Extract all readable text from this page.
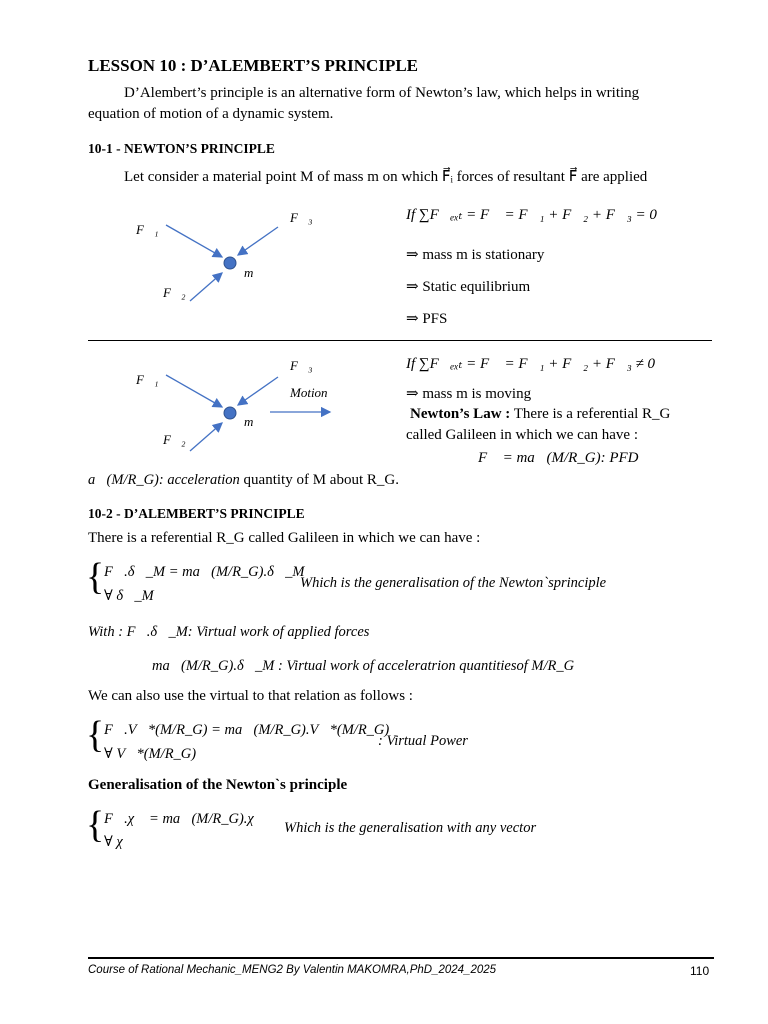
LESSON 10 : D’ALEMBERT’S PRINCIPLE
D’Alembert’s principle is an alternative form of Newton’s law, which helps in writing
equation of motion of a dynamic system.
10-1 - NEWTON’S PRINCIPLE
Let consider a material point M of mass m on which F⃗ᵢ forces of resultant F⃗ are applied
F⃗₁
F⃗₃
F⃗₂
m
If ∑F⃗ₑₓₜ = F⃗ = F⃗₁ + F⃗₂ + F⃗₃ = 0⃗
⇒ mass m is stationary
⇒ Static equilibrium
⇒ PFS
F⃗₁
F⃗₃
Motion
F⃗₂
m
If ∑F⃗ₑₓₜ = F⃗ = F⃗₁ + F⃗₂ + F⃗₃ ≠ 0⃗
⇒ mass m is moving
Newton’s Law : There is a referential R_G
called Galileen in which we can have :
F⃗ = ma⃗(M/R_G): PFD
a⃗(M/R_G): acceleration quantity of M about R_G.
10-2 - D’ALEMBERT’S PRINCIPLE
There is a referential R_G called Galileen in which we can have :
{ F⃗.δ⃗_M = ma⃗(M/R_G).δ⃗_M
∀ δ⃗_M
Which is the generalisation of the Newton`sprinciple
With : F⃗.δ⃗_M: Virtual work of applied forces
ma⃗(M/R_G).δ⃗_M : Virtual work of acceleratrion quantitiesof M/R_G
We can also use the virtual to that relation as follows :
{ F⃗.V⃗*(M/R_G) = ma⃗(M/R_G).V⃗*(M/R_G)
∀ V⃗*(M/R_G)
: Virtual Power
Generalisation of the Newton`s principle
{ F⃗.χ⃗ = ma⃗(M/R_G).χ⃗
∀ χ⃗
Which is the generalisation with any vector
Course of Rational Mechanic_MENG2 By Valentin MAKOMRA,PhD_2024_2025	110
